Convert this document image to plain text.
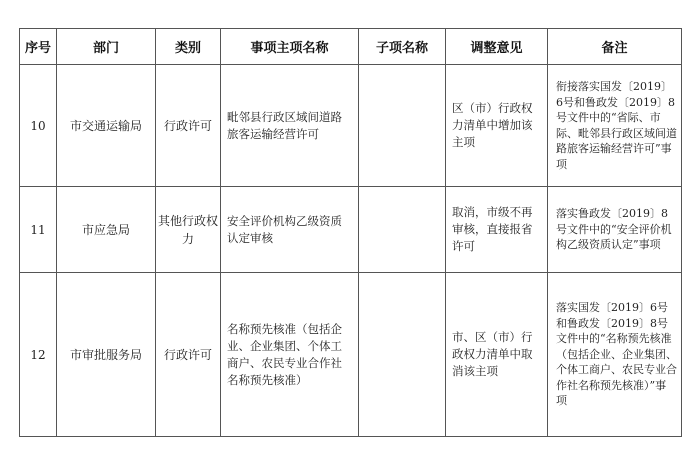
序号	部门	类别	事项主项名称	子项名称	调整意见	备注
10	市交通运输局	行政许可	毗邻县行政区域间道路旅客运输经营许可		区（市）行政权力清单中增加该主项	衔接落实国发〔2019〕6号和鲁政发〔2019〕8号文件中的“省际、市际、毗邻县行政区域间道路旅客运输经营许可”事项
11	市应急局	其他行政权力	安全评价机构乙级资质认定审核		取消，市级不再审核，直接报省许可	落实鲁政发〔2019〕8号文件中的“安全评价机构乙级资质认定”事项
12	市审批服务局	行政许可	名称预先核准（包括企业、企业集团、个体工商户、农民专业合作社名称预先核准）		市、区（市）行政权力清单中取消该主项	落实国发〔2019〕6号和鲁政发〔2019〕8号文件中的“名称预先核准（包括企业、企业集团、个体工商户、农民专业合作社名称预先核准）”事项
